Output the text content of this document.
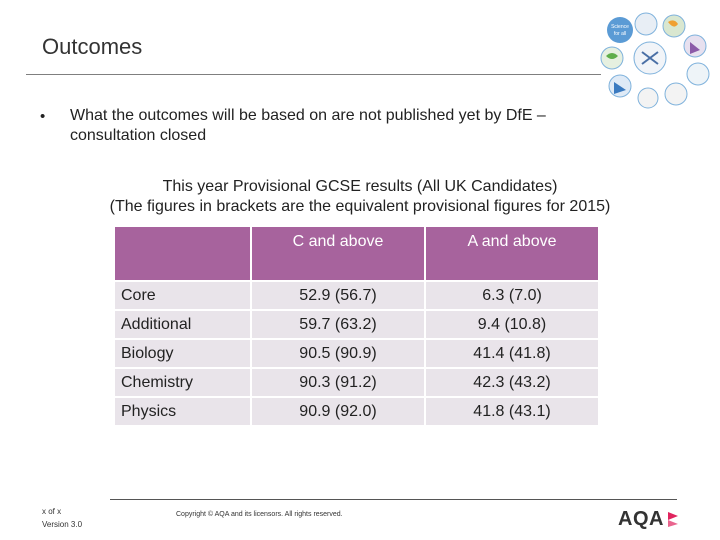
Outcomes
Science
for all
• What the outcomes will be based on are not published yet by DfE – consultation closed
This year Provisional GCSE results (All UK Candidates)
(The figures in brackets are the equivalent provisional figures for 2015)
	C and above	A and above
Core	52.9 (56.7)	6.3 (7.0)
Additional	59.7 (63.2)	9.4 (10.8)
Biology	90.5 (90.9)	41.4 (41.8)
Chemistry	90.3 (91.2)	42.3 (43.2)
Physics	90.9 (92.0)	41.8 (43.1)
x of x
Version 3.0
Copyright © AQA and its licensors. All rights reserved.	AQA
